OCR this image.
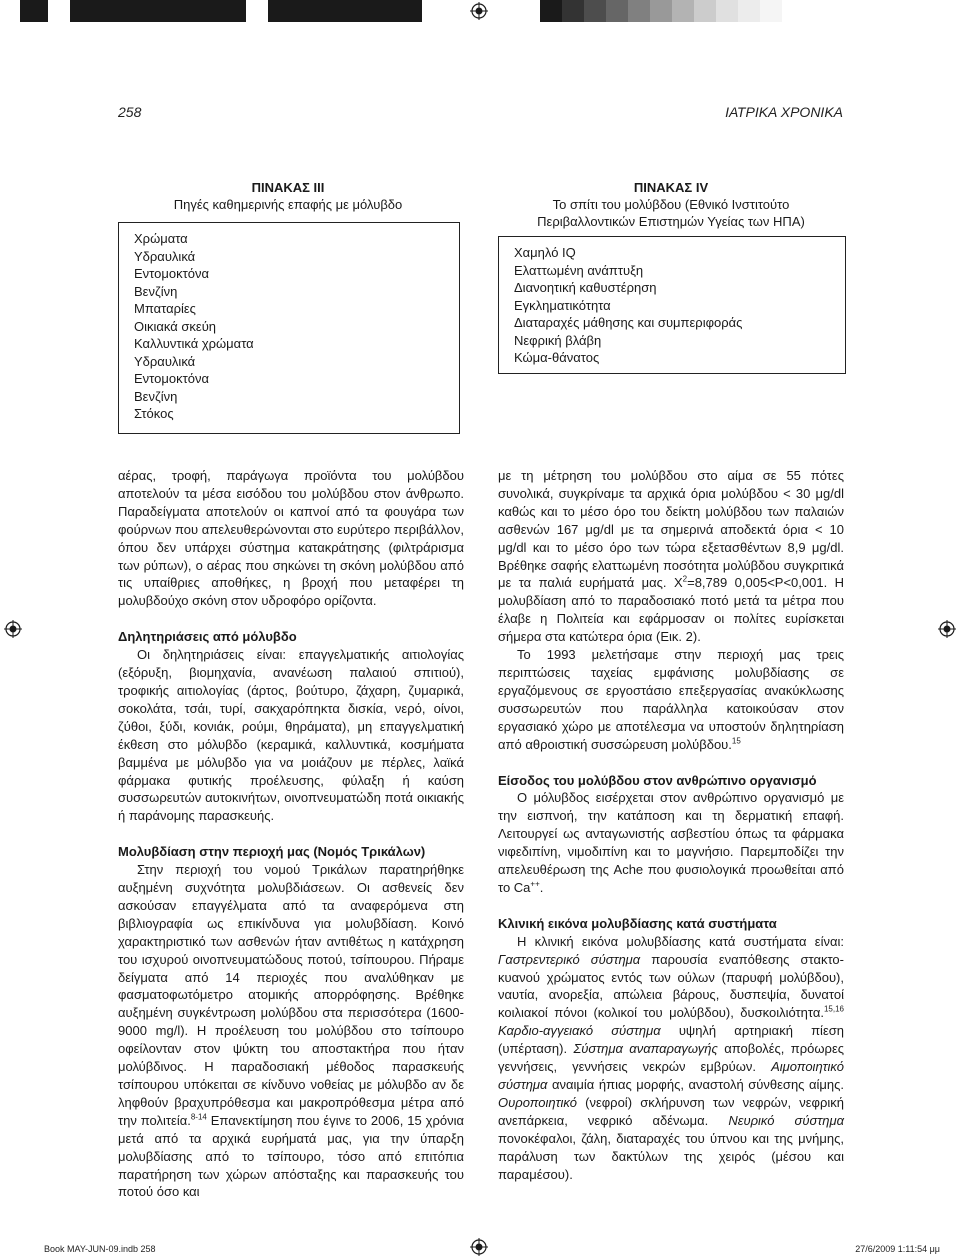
258	ΙΑΤΡΙΚΑ ΧΡΟΝΙΚΑ
ΠΙΝΑΚΑΣ ΙΙΙ
Πηγές καθημερινής επαφής με μόλυβδο
Χρώματα
Υδραυλικά
Εντομοκτόνα
Βενζίνη
Μπαταρίες
Οικιακά σκεύη
Καλλυντικά χρώματα
Υδραυλικά
Εντομοκτόνα
Βενζίνη
Στόκος
ΠΙΝΑΚΑΣ ΙV
Το σπίτι του μολύβδου (Εθνικό Ινστιτούτο
Περιβαλλοντικών Επιστημών Υγείας των ΗΠΑ)
Χαμηλό IQ
Ελαττωμένη ανάπτυξη
Διανοητική καθυστέρηση
Εγκληματικότητα
Διαταραχές μάθησης και συμπεριφοράς
Νεφρική βλάβη
Κώμα-θάνατος

αέρας, τροφή, παράγωγα προϊόντα του μολύβδου αποτελούν τα μέσα εισόδου του μολύβδου στον άνθρωπο. Παραδείγματα αποτελούν οι καπνοί από τα φουγάρα των φούρνων που απελευθερώνονται στο ευρύτερο περιβάλλον, όπου δεν υπάρχει σύστημα κατακράτησης (φιλτράρισμα των ρύπων), ο αέρας που σηκώνει τη σκόνη μολύβδου από τις υπαίθριες αποθήκες, η βροχή που μεταφέρει τη μολυβδούχο σκόνη στον υδροφόρο ορίζοντα.

Δηλητηριάσεις από μόλυβδο

Οι δηλητηριάσεις είναι: επαγγελματικής αιτιολογίας (εξόρυξη, βιομηχανία, ανανέωση παλαιού σπιτιού), τροφικής αιτιολογίας (άρτος, βούτυρο, ζάχαρη, ζυμαρικά, σοκολάτα, τσάι, τυρί, σακχαρόπηκτα δισκία, νερό, οίνοι, ζύθοι, ξύδι, κονιάκ, ρούμι, θηράματα), μη επαγγελματική έκθεση στο μόλυβδο (κεραμικά, καλλυντικά, κοσμήματα βαμμένα με μόλυβδο για να μοιάζουν με πέρλες, λαϊκά φάρμακα φυτικής προέλευσης, φύλαξη ή καύση συσσωρευτών αυτοκινήτων, οινοπνευματώδη ποτά οικιακής ή παράνομης παρασκευής.

Μολυβδίαση στην περιοχή μας (Νομός Τρικάλων)

Στην περιοχή του νομού Τρικάλων παρατηρήθηκε αυξημένη συχνότητα μολυβδιάσεων. Οι ασθενείς δεν ασκούσαν επαγγέλματα από τα αναφερόμενα στη βιβλιογραφία ως επικίνδυνα για μολυβδίαση. Κοινό χαρακτηριστικό των ασθενών ήταν αντιθέτως η κατάχρηση του ισχυρού οινοπνευματώδους ποτού, τσίπουρου. Πήραμε δείγματα από 14 περιοχές που αναλύθηκαν με φασματοφωτόμετρο ατομικής απορρόφησης. Βρέθηκε αυξημένη συγκέντρωση μολύβδου στα περισσότερα (1600-9000 mg/l). Η προέλευση του μολύβδου στο τσίπουρο οφείλονταν στον ψύκτη του αποστακτήρα που ήταν μολύβδινος. Η παραδοσιακή μέθοδος παρασκευής τσίπουρου υπόκειται σε κίνδυνο νοθείας με μόλυβδο αν δε ληφθούν βραχυπρόθεσμα και μακροπρόθεσμα μέτρα από την πολιτεία.$^{8-14}$ Επανεκτίμηση που έγινε το 2006, 15 χρόνια μετά από τα αρχικά ευρήματά μας, για την ύπαρξη μολυβδίασης από το τσίπουρο, τόσο από επιτόπια παρατήρηση των χώρων απόσταξης και παρασκευής του ποτού όσο και

με τη μέτρηση του μολύβδου στο αίμα σε 55 πότες συνολικά, συγκρίναμε τα αρχικά όρια μολύβδου < 30 μg/dl καθώς και το μέσο όρο του δείκτη μολύβδου των παλαιών ασθενών 167 μg/dl με τα σημερινά αποδεκτά όρια < 10 μg/dl και το μέσο όρο των τώρα εξετασθέντων 8,9 μg/dl. Βρέθηκε σαφής ελαττωμένη ποσότητα μολύβδου συγκριτικά με τα παλιά ευρήματά μας. $X^2=8,789$ 0,005<P<0,001. Η μολυβδίαση από το παραδοσιακό ποτό μετά τα μέτρα που έλαβε η Πολιτεία και εφάρμοσαν οι πολίτες ευρίσκεται σήμερα στα κατώτερα όρια (Εικ. 2).

Το 1993 μελετήσαμε στην περιοχή μας τρεις περιπτώσεις ταχείας εμφάνισης μολυβδίασης σε εργαζόμενους σε εργοστάσιο επεξεργασίας ανακύκλωσης συσσωρευτών που παράλληλα κατοικούσαν στον εργασιακό χώρο με αποτέλεσμα να υποστούν δηλητηρίαση από αθροιστική συσσώρευση μολύβδου.$^{15}$

Είσοδος του μολύβδου στον ανθρώπινο οργανισμό

Ο μόλυβδος εισέρχεται στον ανθρώπινο οργανισμό με την εισπνοή, την κατάποση και τη δερματική επαφή. Λειτουργεί ως ανταγωνιστής ασβεστίου όπως τα φάρμακα νιφεδιπίνη, νιμοδιπίνη και το μαγνήσιο. Παρεμποδίζει την απελευθέρωση της Ache που φυσιολογικά προωθείται από το Ca++.

Κλινική εικόνα μολυβδίασης κατά συστήματα

Η κλινική εικόνα μολυβδίασης κατά συστήματα είναι: Γαστρεντερικό σύστημα παρουσία εναπόθεσης στακτο-κυανού χρώματος εντός των ούλων (παρυφή μολύβδου), ναυτία, ανορεξία, απώλεια βάρους, δυσπεψία, δυνατοί κοιλιακοί πόνοι (κολικοί του μολύβδου), δυσκοιλιότητα.$^{15,16}$ Καρδιο-αγγειακό σύστημα υψηλή αρτηριακή πίεση (υπέρταση). Σύστημα αναπαραγωγής αποβολές, πρόωρες γεννήσεις, γεννήσεις νεκρών εμβρύων. Αιμοποιητικό σύστημα αναιμία ήπιας μορφής, αναστολή σύνθεσης αίμης. Ουροποιητικό (νεφροί) σκλήρυνση των νεφρών, νεφρική ανεπάρκεια, νεφρικό αδένωμα. Νευρικό σύστημα πονοκέφαλοι, ζάλη, διαταραχές του ύπνου και της μνήμης, παράλυση των δακτύλων της χειρός (μέσου και παραμέσου).

Book MAY-JUN-09.indb 258	27/6/2009 1:11:54 μμ
